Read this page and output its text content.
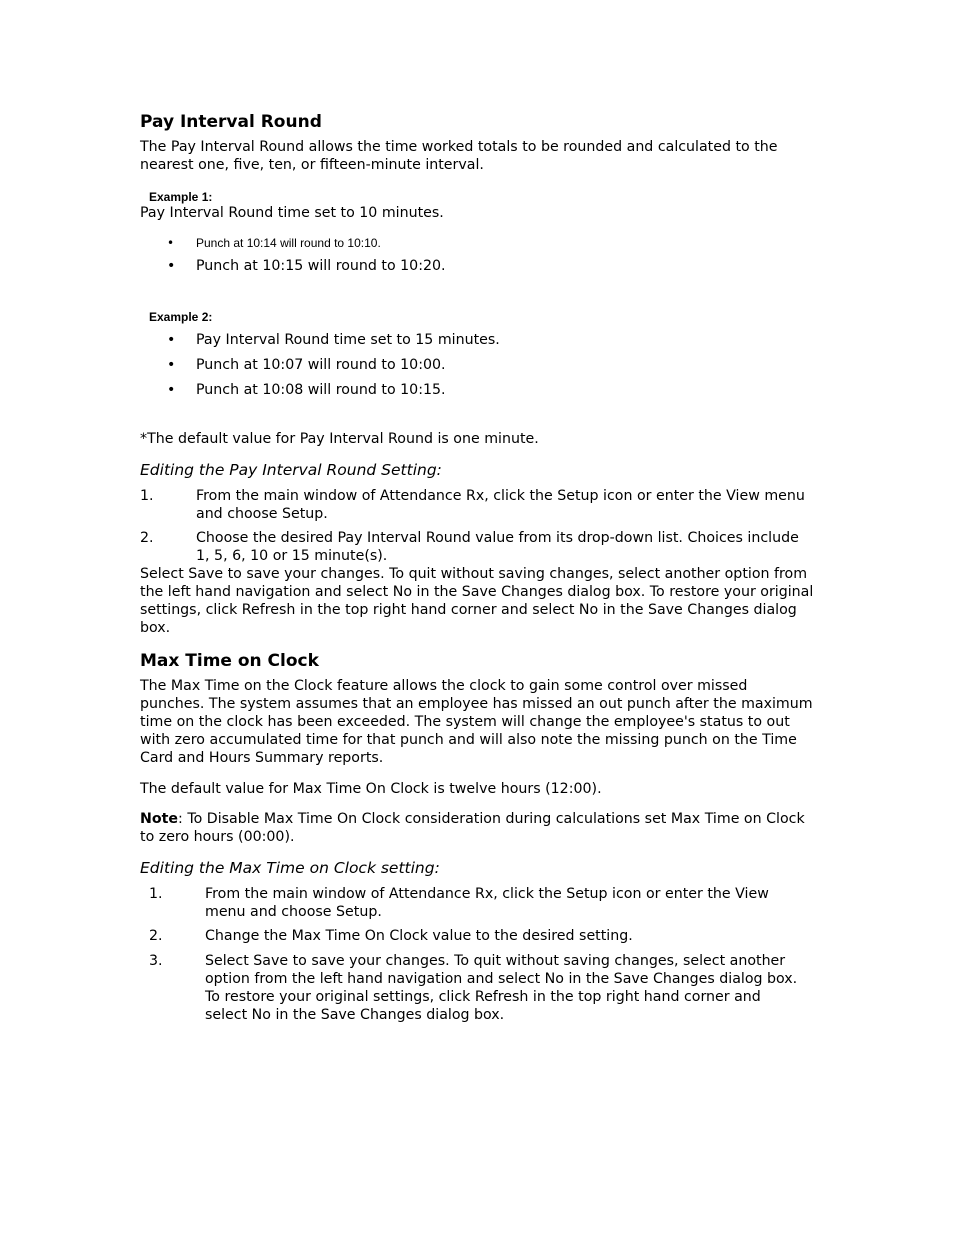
Pay Interval Round

The Pay Interval Round allows the time worked totals to be rounded and calculated to the nearest one, five, ten, or fifteen-minute interval.

Example 1:
Pay Interval Round time set to 10 minutes.
• Punch at 10:14 will round to 10:10.
• Punch at 10:15 will round to 10:20.
Example 2:
• Pay Interval Round time set to 15 minutes.
• Punch at 10:07 will round to 10:00.
• Punch at 10:08 will round to 10:15.
*The default value for Pay Interval Round is one minute.
Editing the Pay Interval Round Setting:
1.	From the main window of Attendance Rx, click the Setup icon or enter the View menu and choose Setup.
2.	Choose the desired Pay Interval Round value from its drop-down list. Choices include 1, 5, 6, 10 or 15 minute(s).

Select Save to save your changes. To quit without saving changes, select another option from the left hand navigation and select No in the Save Changes dialog box. To restore your original settings, click Refresh in the top right hand corner and select No in the Save Changes dialog box.

Max Time on Clock

The Max Time on the Clock feature allows the clock to gain some control over missed punches. The system assumes that an employee has missed an out punch after the maximum time on the clock has been exceeded. The system will change the employee's status to out with zero accumulated time for that punch and will also note the missing punch on the Time Card and Hours Summary reports.

The default value for Max Time On Clock is twelve hours (12:00).

Note: To Disable Max Time On Clock consideration during calculations set Max Time on Clock to zero hours (00:00).

Editing the Max Time on Clock setting:
1.	From the main window of Attendance Rx, click the Setup icon or enter the View menu and choose Setup.
2.	Change the Max Time On Clock value to the desired setting.
3.	Select Save to save your changes. To quit without saving changes, select another option from the left hand navigation and select No in the Save Changes dialog box. To restore your original settings, click Refresh in the top right hand corner and select No in the Save Changes dialog box.
